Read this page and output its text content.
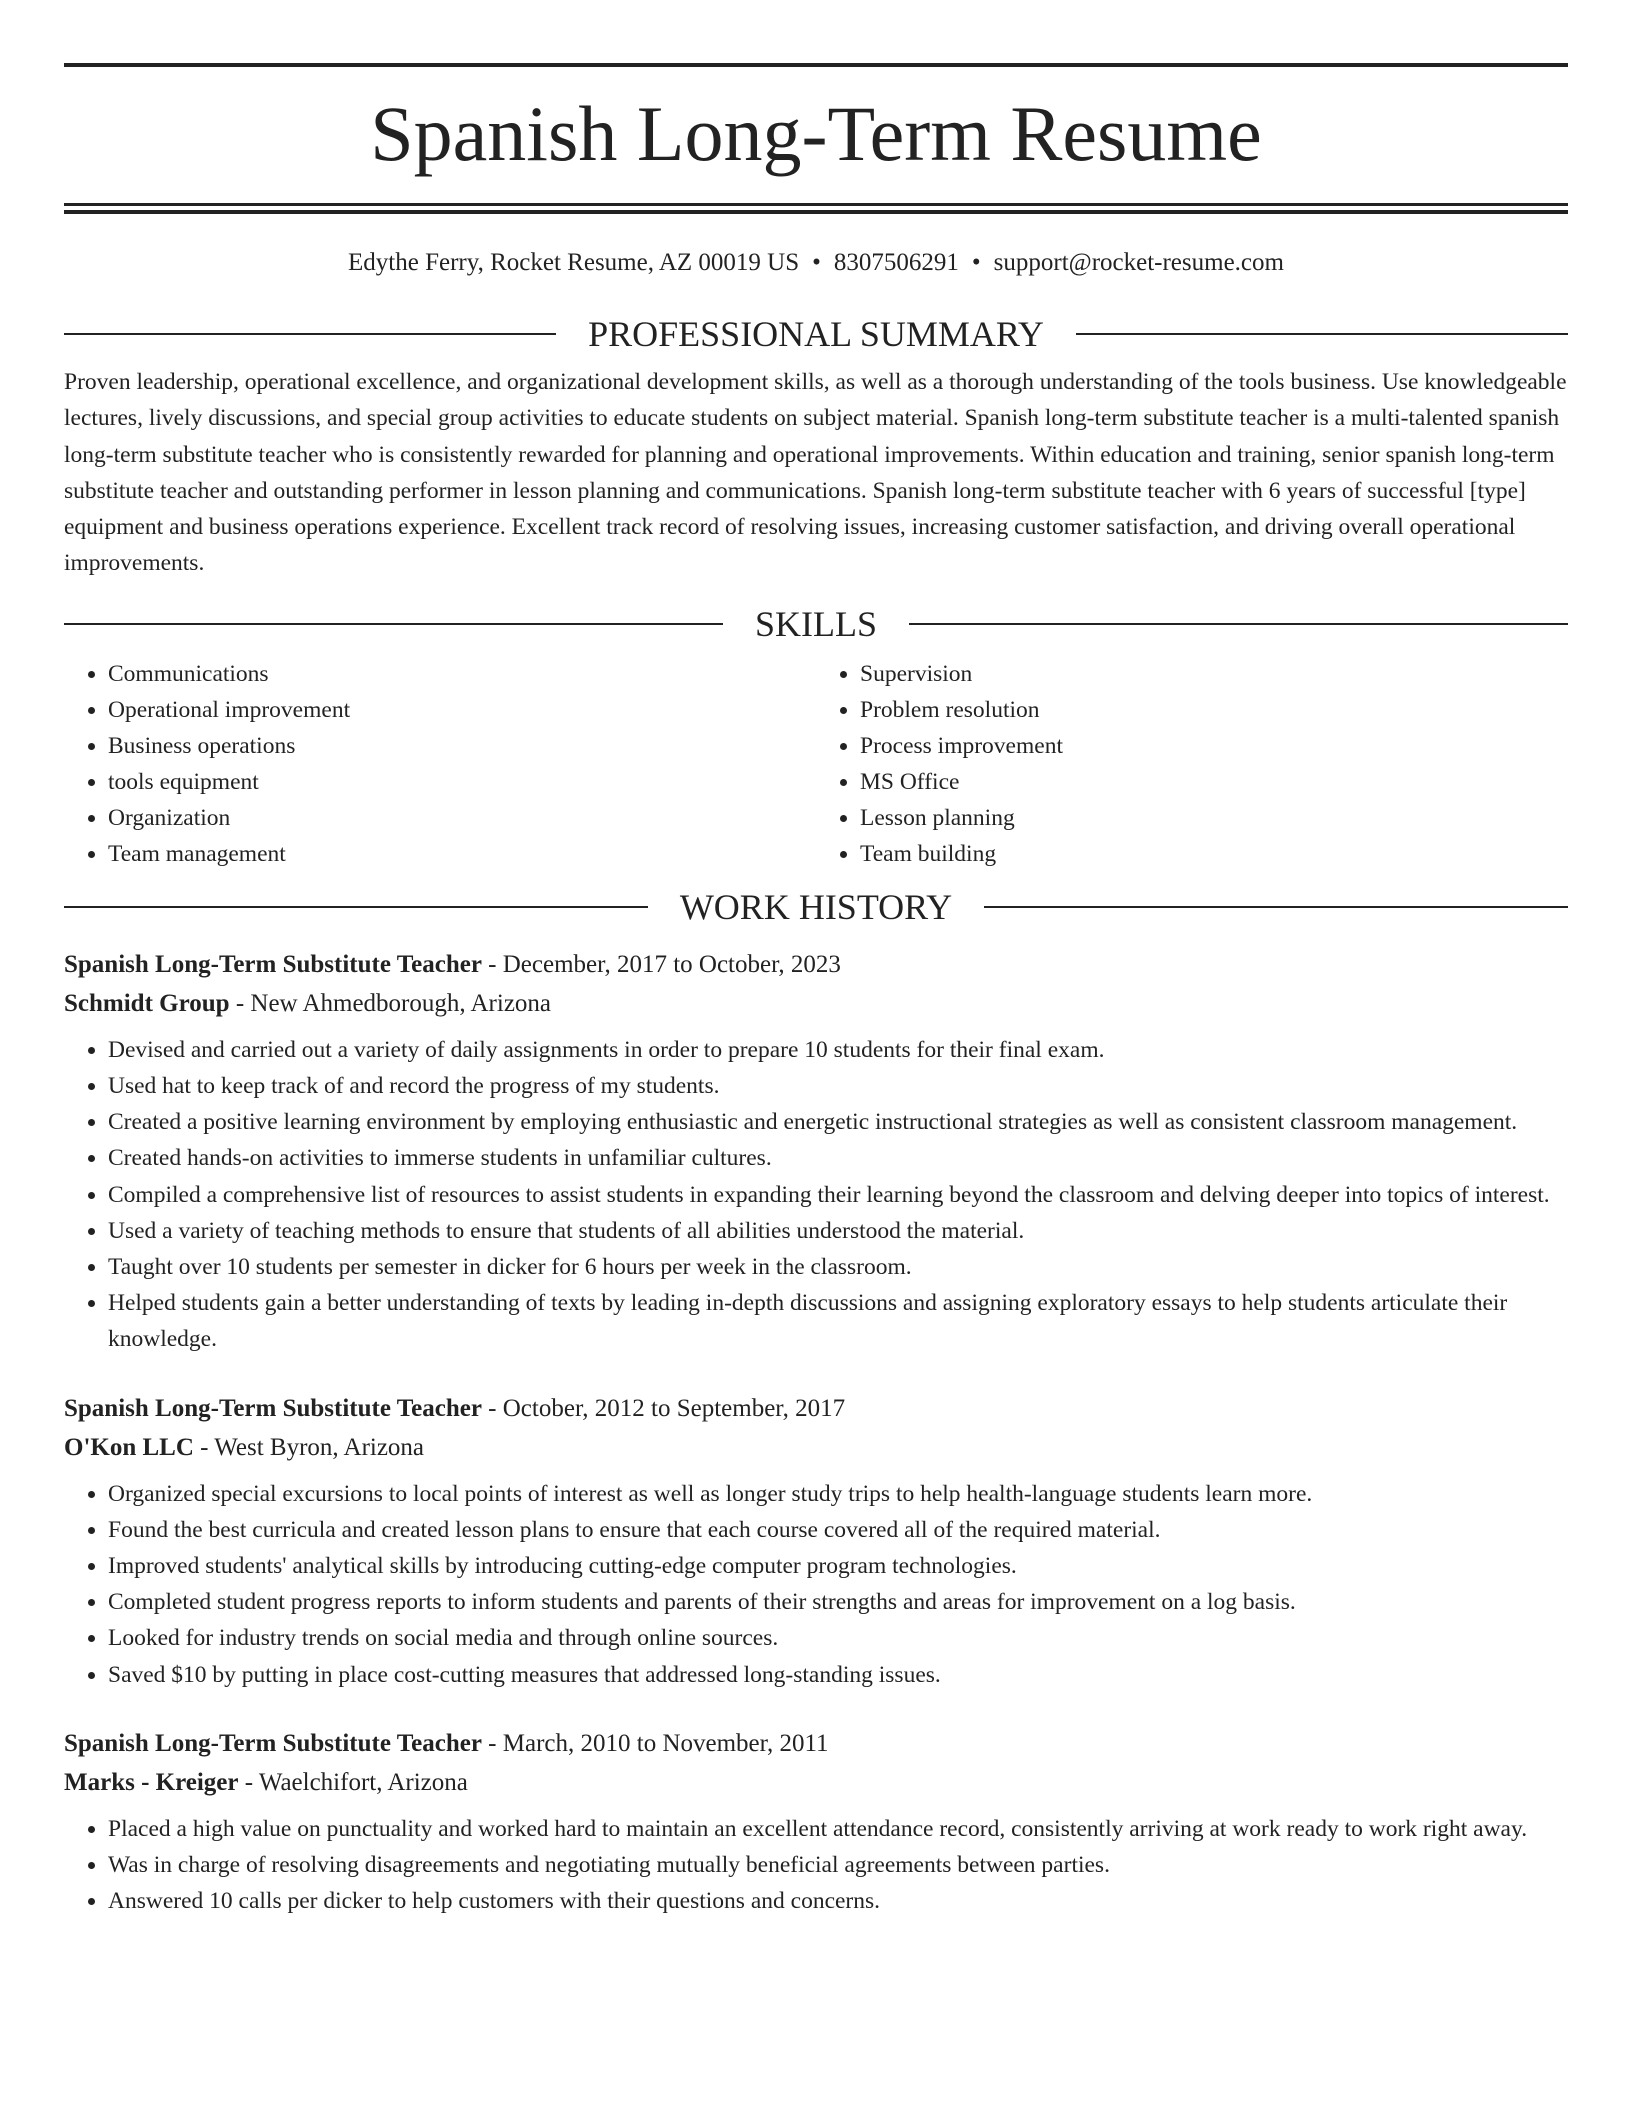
Spanish Long-Term Resume
Edythe Ferry, Rocket Resume, AZ 00019 US • 8307506291 • support@rocket-resume.com
PROFESSIONAL SUMMARY

Proven leadership, operational excellence, and organizational development skills, as well as a thorough understanding of the tools business. Use knowledgeable lectures, lively discussions, and special group activities to educate students on subject material. Spanish long-term substitute teacher is a multi-talented spanish long-term substitute teacher who is consistently rewarded for planning and operational improvements. Within education and training, senior spanish long-term substitute teacher and outstanding performer in lesson planning and communications. Spanish long-term substitute teacher with 6 years of successful [type] equipment and business operations experience. Excellent track record of resolving issues, increasing customer satisfaction, and driving overall operational improvements.

SKILLS
• Communications
• Operational improvement
• Business operations
• tools equipment
• Organization
• Team management
• Supervision
• Problem resolution
• Process improvement
• MS Office
• Lesson planning
• Team building
WORK HISTORY
Spanish Long-Term Substitute Teacher - December, 2017 to October, 2023
Schmidt Group - New Ahmedborough, Arizona
• Devised and carried out a variety of daily assignments in order to prepare 10 students for their final exam.
• Used hat to keep track of and record the progress of my students.
• Created a positive learning environment by employing enthusiastic and energetic instructional strategies as well as consistent classroom management.
• Created hands-on activities to immerse students in unfamiliar cultures.
• Compiled a comprehensive list of resources to assist students in expanding their learning beyond the classroom and delving deeper into topics of interest.
• Used a variety of teaching methods to ensure that students of all abilities understood the material.
• Taught over 10 students per semester in dicker for 6 hours per week in the classroom.
• Helped students gain a better understanding of texts by leading in-depth discussions and assigning exploratory essays to help students articulate their knowledge.
Spanish Long-Term Substitute Teacher - October, 2012 to September, 2017
O'Kon LLC - West Byron, Arizona
• Organized special excursions to local points of interest as well as longer study trips to help health-language students learn more.
• Found the best curricula and created lesson plans to ensure that each course covered all of the required material.
• Improved students' analytical skills by introducing cutting-edge computer program technologies.
• Completed student progress reports to inform students and parents of their strengths and areas for improvement on a log basis.
• Looked for industry trends on social media and through online sources.
• Saved $10 by putting in place cost-cutting measures that addressed long-standing issues.
Spanish Long-Term Substitute Teacher - March, 2010 to November, 2011
Marks - Kreiger - Waelchifort, Arizona
• Placed a high value on punctuality and worked hard to maintain an excellent attendance record, consistently arriving at work ready to work right away.
• Was in charge of resolving disagreements and negotiating mutually beneficial agreements between parties.
• Answered 10 calls per dicker to help customers with their questions and concerns.
